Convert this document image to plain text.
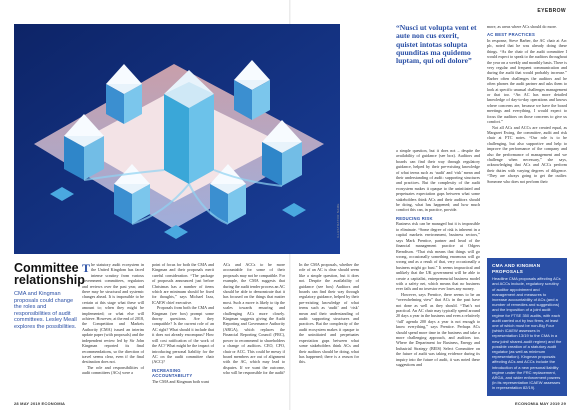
EYEBROW
ILLUSTRATOR NAME
Committee relationship

CMA and Kingman proposals could change the roles and responsibilities of audit committees. Lesley Meall explores the possibilities.

The statutory audit ecosystem in the United Kingdom has faced intense scrutiny from various government committees, regulators and reviews over the past year, and there may be structural and systemic changes ahead. It is impossible to be certain at this stage what these will amount to; when they might be implemented; or what else will achieve. However, at the end of 2018, the Competition and Markets Authority (CMA) issued an interim update paper (with proposals) and the independent review led by Sir John Kingman reported its final recommendations, so the direction of travel seems clear, even if the final destination does not.

The role and responsibilities of audit committees (ACs) were a

point of focus for both the CMA and Kingman and their proposals merit careful consideration. “The package of proposals announced just before Christmas has a number of items which are minimum should be fixed for thoughts,” says Michael Izza, ICAEW chief executive.

Proposals from both the CMA and Kingman (see box) prompt some thorny questions. Are they compatible? Is the current role of an AC right? What should it include that it does not already encompass? How will cost ratification of the work of the AC? What might be the impact of introducing personal liability for the AC on the audit committee chair (ACC)?

INCREASING ACCOUNTABILITY

The CMA and Kingman both want

ACs and ACCs to be more accountable for some of their proposals may not be compatible. For example, the CMA suggests that during the audit tender process an AC should be able to demonstrate that it has focused on the things that matter most. Such a move is likely to tip the scales towards ensuring and challenging ACs more closely. Kingman suggests giving the Audit Reporting and Governance Authority (ARGA), which replaces the Financial Reporting Council (FRC), power to recommend to shareholders a change of auditors. CEO, CFO, chair or ACC. This could be messy if board members are out of alignment with the AC, which may lead to disputes. If we want the outcome, who will be responsible for the audit?

In the CMA proposals, whether the role of an AC is clear should seem like a simple question, but it does not. Despite the availability of guidance (see box) Auditors and boards can find their way through regulatory guidance, helped by their pre-existing knowledge of what terms such as ‘audit’ and ‘risk’ mean and their understanding of audit: supporting structures and practices. But the complexity of the audit ecosystem makes it opaque to the uninitiated and perpetuates expectation gaps between what some stakeholders think ACs and their auditors should be doing, what has happened; there is a reason for this.

“Nusci ut volupta vent et aute non cus exerit, quistet intotas solupta quunditas ma quidemo luptam, qui odi dolore”

a simple question, but it does not – despite the availability of guidance (see box). Auditors and boards can find their way through regulatory guidance, helped by their pre-existing knowledge of what terms such as ‘audit’ and ‘risk’ mean and their understanding of audit: supporting structures and practices. But the complexity of the audit ecosystem makes it opaque to the uninitiated and perpetuates expectation gaps between what some stakeholders think ACs and their auditors should be doing, what has happened; and how much comfort this can, in practice, provide.

REDUCING RISK

Business risk can be managed but it is impossible to eliminate. “Some degree of risk is inherent in a capital markets environment, business sectors,” says Mark Prentice, partner and head of the financial management practice at Odgers Berndtson. “That risk means that things will go wrong, occasionally something enormous will go wrong and as a result of that, very occasionally a business might go bust.” It seems impractical and unlikely that the UK government will be able to create a capitalist, entrepreneurial business model with a safety net, which means that no business ever fails and no investor ever loses any money.

However, says Prentice, there seems to be an “overwhelming view” that ACs in the past have not done as well as they should. “That’s not practical. An AC chair may typically spend around 20 days a year in the business and even a relatively ‘full’ agenda 200 days a year is not enough to know everything,” says Prentice. Perhaps ACs should spend more time in the business and take a more challenging approach, and auditors too. Where the Department for Business, Energy and Industrial Strategy (BEIS) Select Committee on the future of audit was taking evidence during its inquiry into the future of audit, it was noted these suggestions and

more, as areas where ACs should do more.

AC BEST PRACTICES

In response, Steve Barber, the AC chair at Arc plc, noted that he was already doing these things. “As the chair of the audit committee I would expect to speak to the auditors throughout the year on a weekly and monthly basis. There is very regular and frequent communication and during the audit that would probably increase.” Barber often challenges the auditors and he often phones the audit partner and asks them to look at specific unusual challenges management or that too. “An AC has more detailed knowledge of day-to-day operations and knows where concerns are, because we have the board meetings and everything. I would expect to focus the auditors on those concerns to give us comfort.”

Not all ACs and ACCs are created equal, as Margaret Ewing, the committee, audit and risk chair at FTC notes. “Our role is to be challenging, but also supportive and help to improve the performance of the company and also the performance of management and we challenge when necessary,” she says, acknowledging that ACs and ACCs perform their duties with varying degrees of diligence. “They are always going to get the outlier. Someone who does not perform their

CMA AND KINGMAN PROPOSALS

Headline CMA proposals affecting ACs and ACCs include, regulatory scrutiny of auditor appointment and management and measures to increase accountability of ACs (and a number of remedies and suggestions) and the imposition of a joint audit regime for FTSE 350 audits, with each audit carried out by two firms, at least one of which must be non-Big Four (which ICAEW assesses in representation 13/19 to the CMA in a new joint/ shared-audit regime) and the possible creation of a statutory audit regulator (as well as minimum representation). Kingman proposals affecting ACs and ACCs include the introduction of a new personal liability regime under the FRC replacement, ARGA, and wider enforcement powers (in its representation ICAEW assesses in representation 82/19).

28 MAY 2019 ECONOMIA	ECONOMIA MAY 2019 29
